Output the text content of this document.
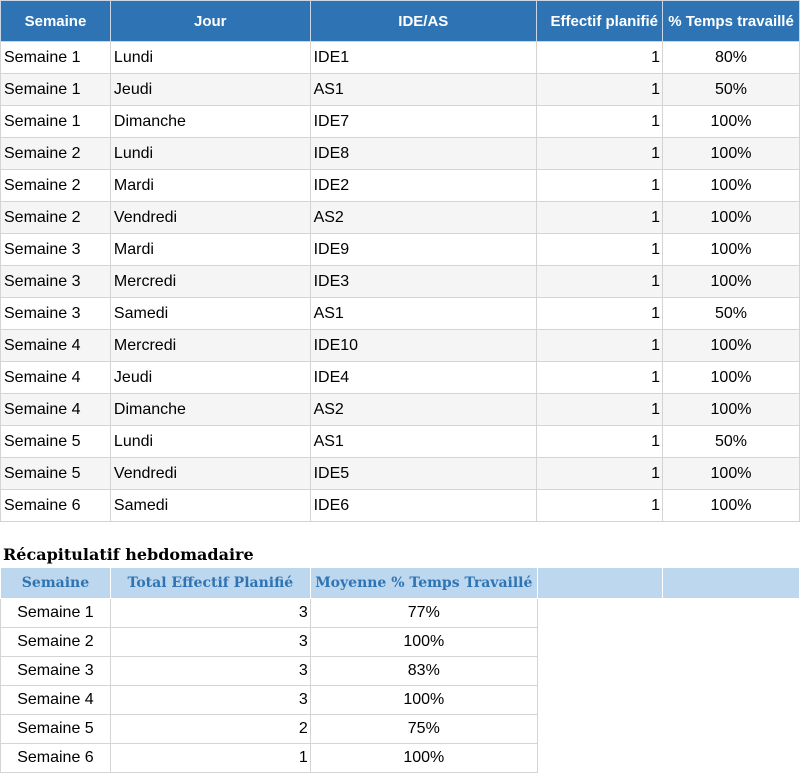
Semaine	Jour	IDE/AS	Effectif planifié	% Temps travaillé
Semaine 1	Lundi	IDE1	1	80%
Semaine 1	Jeudi	AS1	1	50%
Semaine 1	Dimanche	IDE7	1	100%
Semaine 2	Lundi	IDE8	1	100%
Semaine 2	Mardi	IDE2	1	100%
Semaine 2	Vendredi	AS2	1	100%
Semaine 3	Mardi	IDE9	1	100%
Semaine 3	Mercredi	IDE3	1	100%
Semaine 3	Samedi	AS1	1	50%
Semaine 4	Mercredi	IDE10	1	100%
Semaine 4	Jeudi	IDE4	1	100%
Semaine 4	Dimanche	AS2	1	100%
Semaine 5	Lundi	AS1	1	50%
Semaine 5	Vendredi	IDE5	1	100%
Semaine 6	Samedi	IDE6	1	100%
Récapitulatif hebdomadaire
Semaine	Total Effectif Planifié	Moyenne % Temps Travaillé		
Semaine 1	3	77%		
Semaine 2	3	100%		
Semaine 3	3	83%		
Semaine 4	3	100%		
Semaine 5	2	75%		
Semaine 6	1	100%		
